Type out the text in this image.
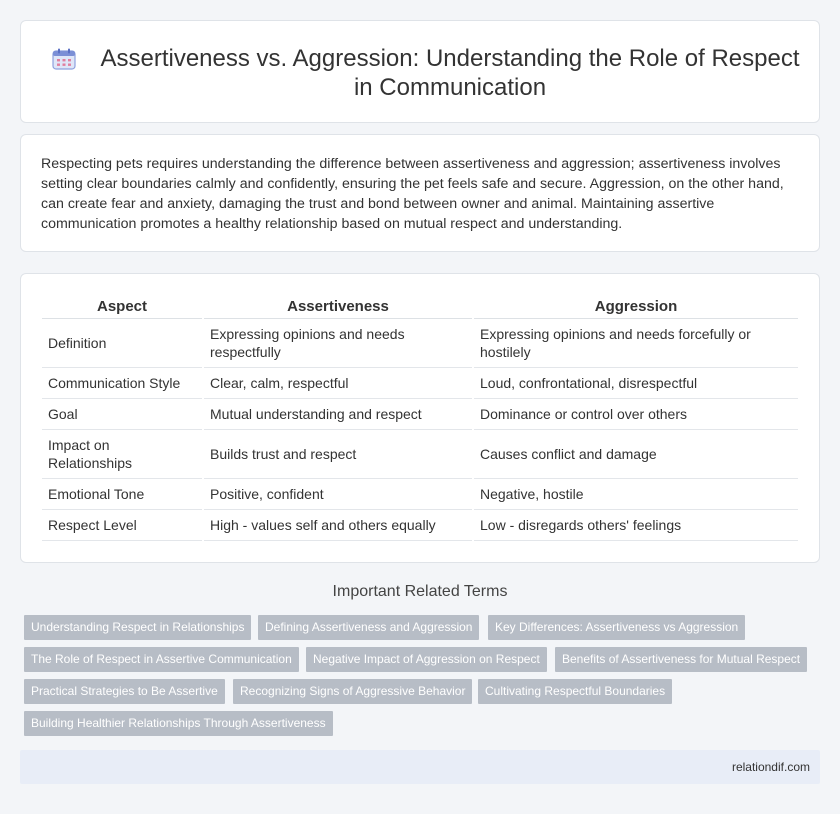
Assertiveness vs. Aggression: Understanding the Role of Respect
in Communication

Respecting pets requires understanding the difference between assertiveness and aggression; assertiveness involves setting clear boundaries calmly and confidently, ensuring the pet feels safe and secure. Aggression, on the other hand, can create fear and anxiety, damaging the trust and bond between owner and animal. Maintaining assertive communication promotes a healthy relationship based on mutual respect and understanding.

Aspect	Assertiveness	Aggression
Definition	Expressing opinions and needs respectfully	Expressing opinions and needs forcefully or hostilely
Communication Style	Clear, calm, respectful	Loud, confrontational, disrespectful
Goal	Mutual understanding and respect	Dominance or control over others
Impact on Relationships	Builds trust and respect	Causes conflict and damage
Emotional Tone	Positive, confident	Negative, hostile
Respect Level	High - values self and others equally	Low - disregards others' feelings
Important Related Terms
Understanding Respect in Relationships	Defining Assertiveness and Aggression	Key Differences: Assertiveness vs Aggression
The Role of Respect in Assertive Communication	Negative Impact of Aggression on Respect	Benefits of Assertiveness for Mutual Respect
Practical Strategies to Be Assertive	Recognizing Signs of Aggressive Behavior	Cultivating Respectful Boundaries
Building Healthier Relationships Through Assertiveness
relationdif.com
